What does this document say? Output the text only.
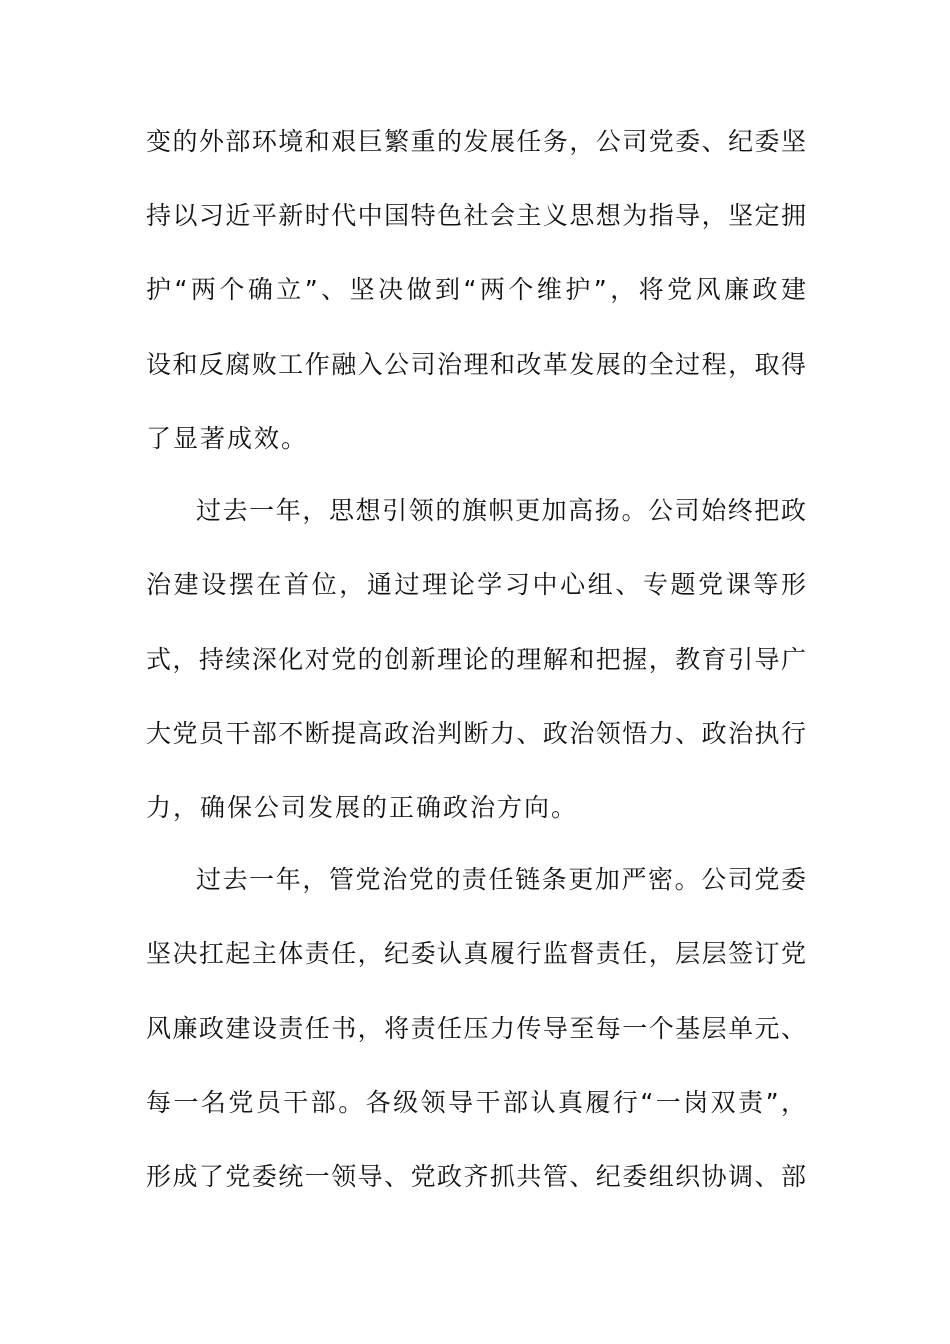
变的外部环境和艰巨繁重的发展任务，公司党委、纪委坚
持以习近平新时代中国特色社会主义思想为指导，坚定拥
护“两个确立”、坚决做到“两个维护”，将党风廉政建
设和反腐败工作融入公司治理和改革发展的全过程，取得
了显著成效。
过去一年，思想引领的旗帜更加高扬。公司始终把政
治建设摆在首位，通过理论学习中心组、专题党课等形
式，持续深化对党的创新理论的理解和把握，教育引导广
大党员干部不断提高政治判断力、政治领悟力、政治执行
力，确保公司发展的正确政治方向。
过去一年，管党治党的责任链条更加严密。公司党委
坚决扛起主体责任，纪委认真履行监督责任，层层签订党
风廉政建设责任书，将责任压力传导至每一个基层单元、
每一名党员干部。各级领导干部认真履行“一岗双责”，
形成了党委统一领导、党政齐抓共管、纪委组织协调、部
